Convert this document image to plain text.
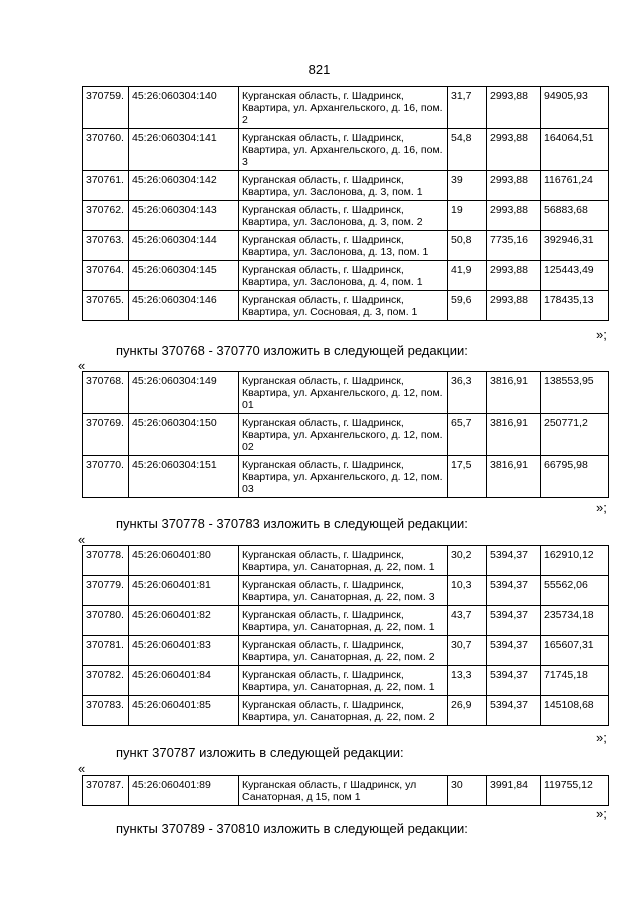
821
370759.	45:26:060304:140	Курганская область, г. Шадринск, Квартира, ул. Архангельского, д. 16, пом. 2	31,7	2993,88	94905,93
370760.	45:26:060304:141	Курганская область, г. Шадринск, Квартира, ул. Архангельского, д. 16, пом. 3	54,8	2993,88	164064,51
370761.	45:26:060304:142	Курганская область, г. Шадринск, Квартира, ул. Заслонова, д. 3, пом. 1	39	2993,88	116761,24
370762.	45:26:060304:143	Курганская область, г. Шадринск, Квартира, ул. Заслонова, д. 3, пом. 2	19	2993,88	56883,68
370763.	45:26:060304:144	Курганская область, г. Шадринск, Квартира, ул. Заслонова, д. 13, пом. 1	50,8	7735,16	392946,31
370764.	45:26:060304:145	Курганская область, г. Шадринск, Квартира, ул. Заслонова, д. 4, пом. 1	41,9	2993,88	125443,49
370765.	45:26:060304:146	Курганская область, г. Шадринск, Квартира, ул. Сосновая, д. 3, пом. 1	59,6	2993,88	178435,13
»;
пункты 370768 - 370770 изложить в следующей редакции:
«
370768.	45:26:060304:149	Курганская область, г. Шадринск, Квартира, ул. Архангельского, д. 12, пом. 01	36,3	3816,91	138553,95
370769.	45:26:060304:150	Курганская область, г. Шадринск, Квартира, ул. Архангельского, д. 12, пом. 02	65,7	3816,91	250771,2
370770.	45:26:060304:151	Курганская область, г. Шадринск, Квартира, ул. Архангельского, д. 12, пом. 03	17,5	3816,91	66795,98
»;
пункты 370778 - 370783 изложить в следующей редакции:
«
370778.	45:26:060401:80	Курганская область, г. Шадринск, Квартира, ул. Санаторная, д. 22, пом. 1	30,2	5394,37	162910,12
370779.	45:26:060401:81	Курганская область, г. Шадринск, Квартира, ул. Санаторная, д. 22, пом. 3	10,3	5394,37	55562,06
370780.	45:26:060401:82	Курганская область, г. Шадринск, Квартира, ул. Санаторная, д. 22, пом. 1	43,7	5394,37	235734,18
370781.	45:26:060401:83	Курганская область, г. Шадринск, Квартира, ул. Санаторная, д. 22, пом. 2	30,7	5394,37	165607,31
370782.	45:26:060401:84	Курганская область, г. Шадринск, Квартира, ул. Санаторная, д. 22, пом. 1	13,3	5394,37	71745,18
370783.	45:26:060401:85	Курганская область, г. Шадринск, Квартира, ул. Санаторная, д. 22, пом. 2	26,9	5394,37	145108,68
»;
пункт 370787 изложить в следующей редакции:
«
370787.	45:26:060401:89	Курганская область, г Шадринск, ул Санаторная, д 15, пом 1	30	3991,84	119755,12
»;
пункты 370789 - 370810 изложить в следующей редакции:
